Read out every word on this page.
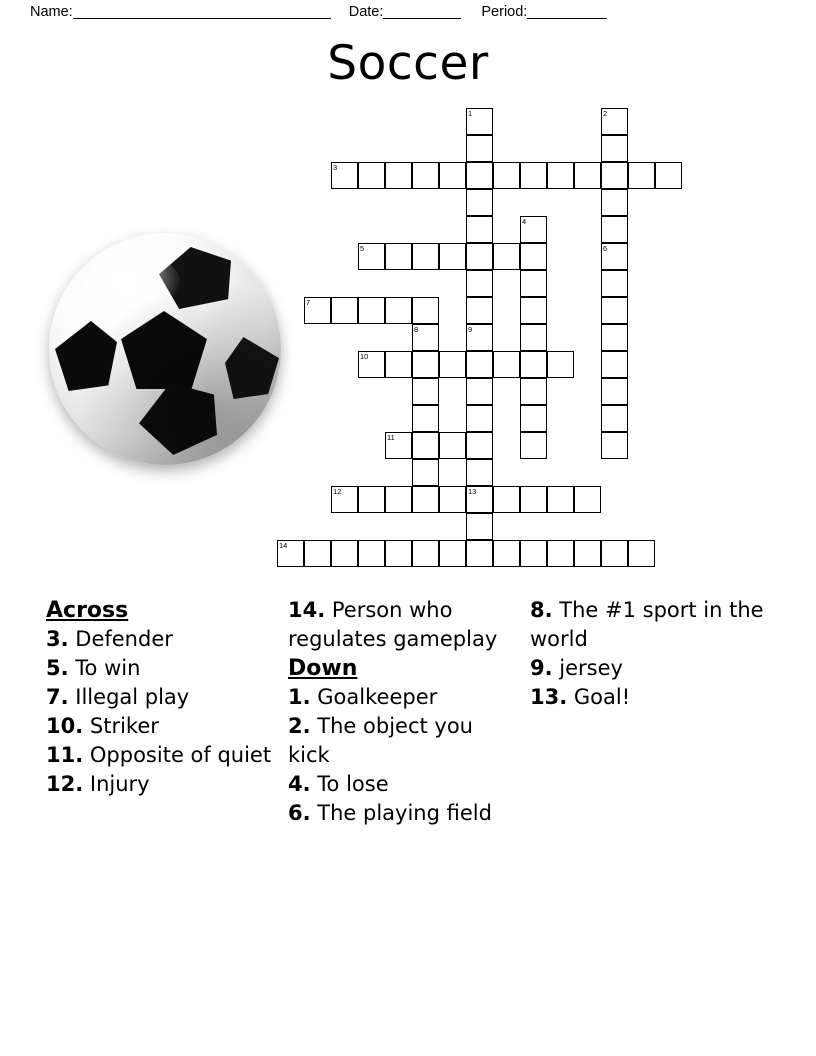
Name:	Date:	Period:
Soccer
1	2
3
4
5	6
7
8	9
10
11
12	13
14
Across
3. Defender
5. To win
7. Illegal play
10. Striker
11. Opposite of quiet
12. Injury
14. Person who regulates gameplay
Down
1. Goalkeeper
2. The object you kick
4. To lose
6. The playing field
8. The #1 sport in the world
9. jersey
13. Goal!
